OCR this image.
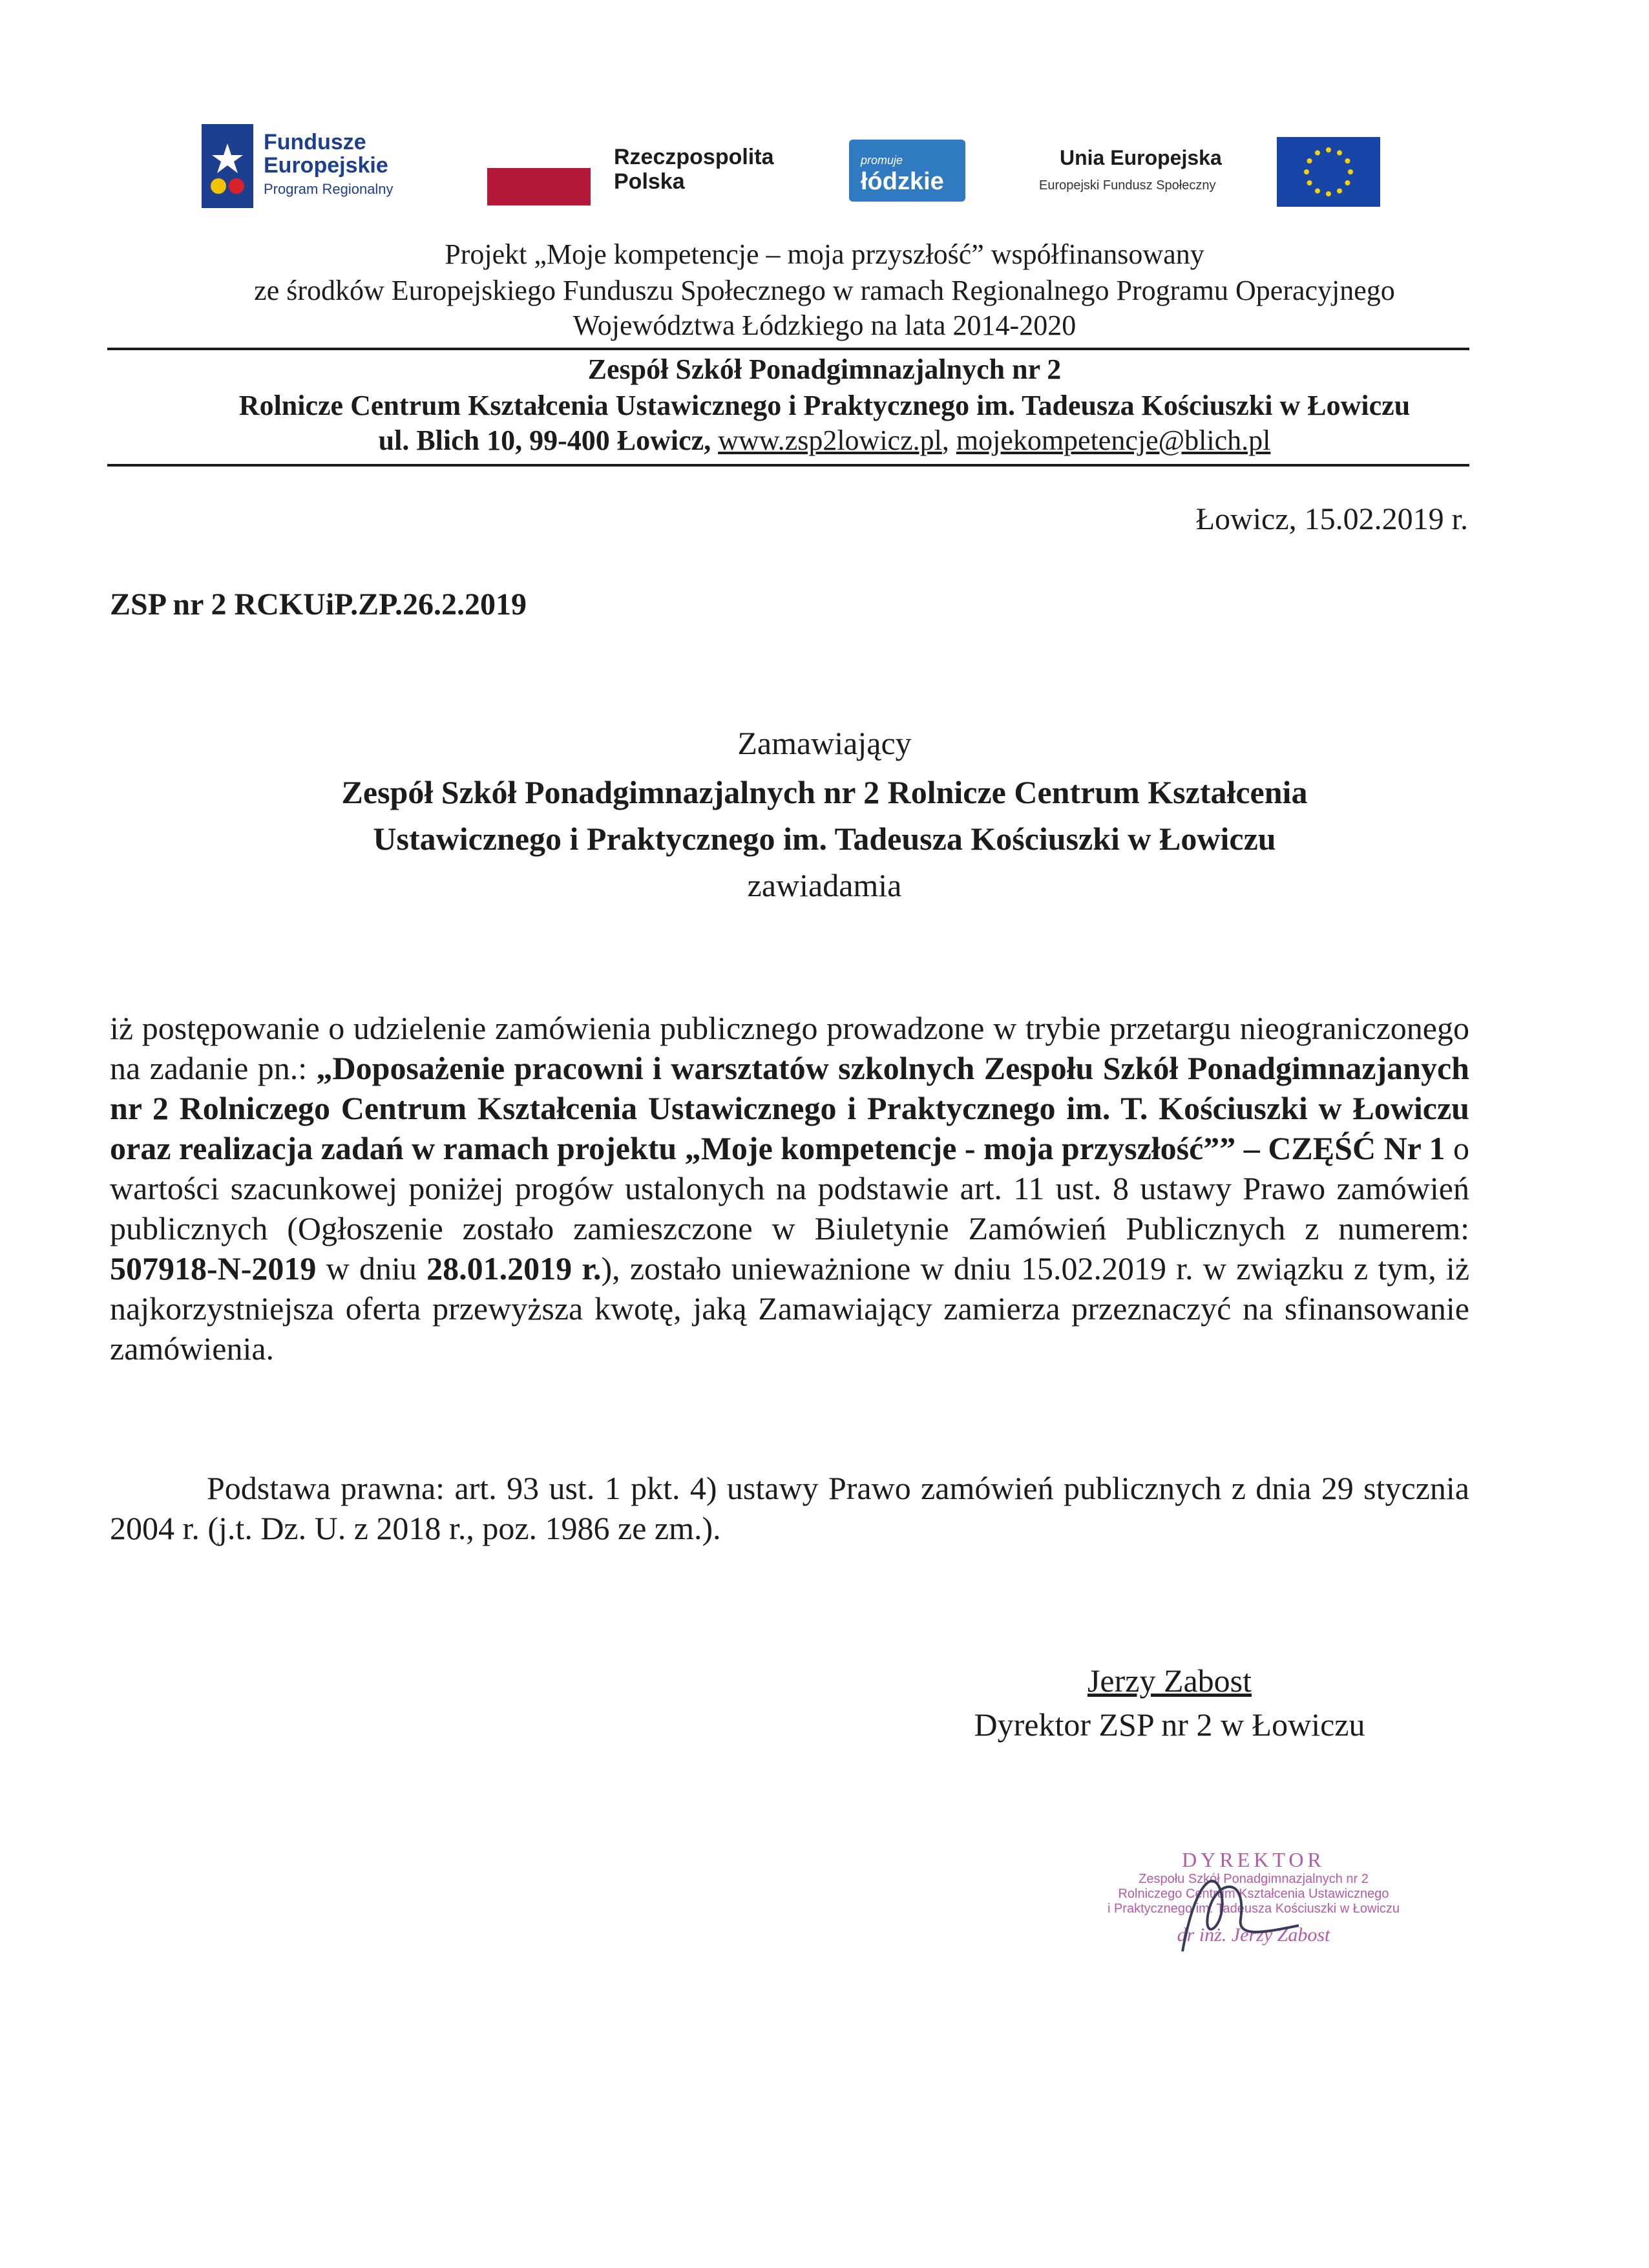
Fundusze
Europejskie
Program Regionalny
Rzeczpospolita
Polska
promuje
łódzkie
Unia Europejska
Europejski Fundusz Społeczny
Projekt „Moje kompetencje – moja przyszłość” współfinansowany
ze środków Europejskiego Funduszu Społecznego w ramach Regionalnego Programu Operacyjnego
Województwa Łódzkiego na lata 2014-2020
Zespół Szkół Ponadgimnazjalnych nr 2
Rolnicze Centrum Kształcenia Ustawicznego i Praktycznego im. Tadeusza Kościuszki w Łowiczu
ul. Blich 10, 99-400 Łowicz, www.zsp2lowicz.pl, mojekompetencje@blich.pl
Łowicz, 15.02.2019 r.
ZSP nr 2 RCKUiP.ZP.26.2.2019
Zamawiający
Zespół Szkół Ponadgimnazjalnych nr 2 Rolnicze Centrum Kształcenia
Ustawicznego i Praktycznego im. Tadeusza Kościuszki w Łowiczu
zawiadamia
iż postępowanie o udzielenie zamówienia publicznego prowadzone w trybie przetargu nieograniczonego na zadanie pn.: „Doposażenie pracowni i warsztatów szkolnych Zespołu Szkół Ponadgimnazjanych nr 2 Rolniczego Centrum Kształcenia Ustawicznego i Praktycznego im. T. Kościuszki w Łowiczu oraz realizacja zadań w ramach projektu „Moje kompetencje - moja przyszłość”” – CZĘŚĆ Nr 1 o wartości szacunkowej poniżej progów ustalonych na podstawie art. 11 ust. 8 ustawy Prawo zamówień publicznych (Ogłoszenie zostało zamieszczone w Biuletynie Zamówień Publicznych z numerem: 507918-N-2019 w dniu 28.01.2019 r.), zostało unieważnione w dniu 15.02.2019 r. w związku z tym, iż najkorzystniejsza oferta przewyższa kwotę, jaką Zamawiający zamierza przeznaczyć na sfinansowanie zamówienia.
Podstawa prawna: art. 93 ust. 1 pkt. 4) ustawy Prawo zamówień publicznych z dnia 29 stycznia 2004 r. (j.t. Dz. U. z 2018 r., poz. 1986 ze zm.).
Jerzy Zabost
Dyrektor ZSP nr 2 w Łowiczu
DYREKTOR
Zespołu Szkół Ponadgimnazjalnych nr 2
Rolniczego Centrum Kształcenia Ustawicznego
i Praktycznego im. Tadeusza Kościuszki w Łowiczu
dr inż. Jerzy Zabost
